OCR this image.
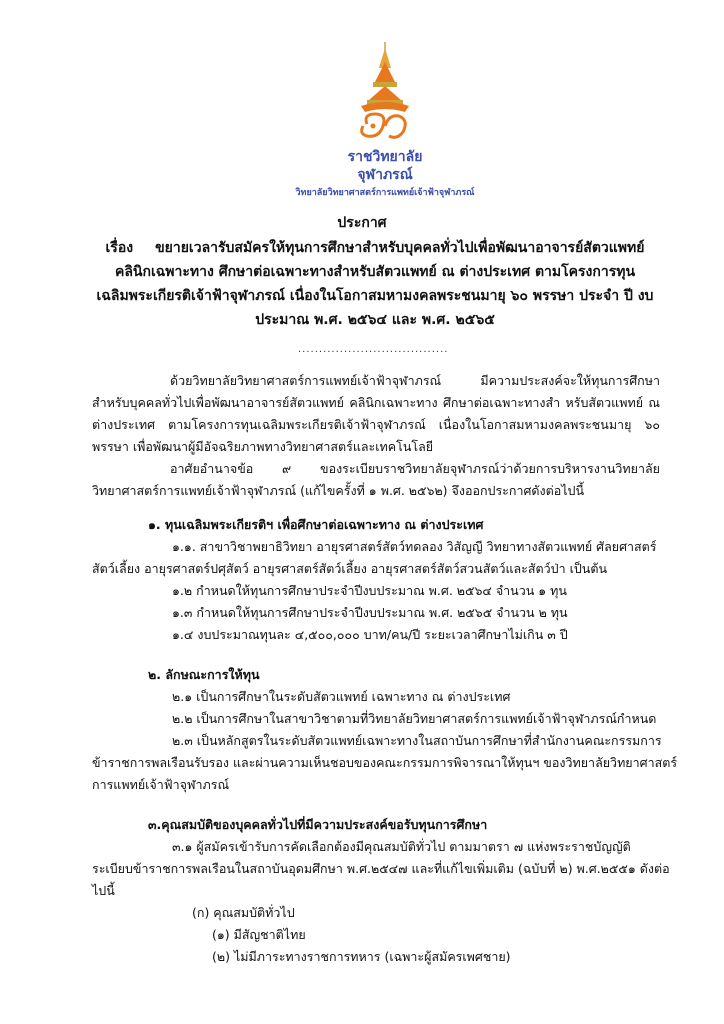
ราชวิทยาลัย
จุฬาภรณ์
วิทยาลัยวิทยาศาสตร์การแพทย์เจ้าฟ้าจุฬาภรณ์
ประกาศ
เรื่อง ขยายเวลารับสมัครให้ทุนการศึกษาสำหรับบุคคลทั่วไปเพื่อพัฒนาอาจารย์สัตวแพทย์
คลินิกเฉพาะทาง ศึกษาต่อเฉพาะทางสำหรับสัตวแพทย์ ณ ต่างประเทศ ตามโครงการทุน
เฉลิมพระเกียรติเจ้าฟ้าจุฬาภรณ์ เนื่องในโอกาสมหามงคลพระชนมายุ ๖๐ พรรษา ประจำ ปี งบ
ประมาณ พ.ศ. ๒๕๖๔ และ พ.ศ. ๒๕๖๕
....................................

ด้วยวิทยาลัยวิทยาศาสตร์การแพทย์เจ้าฟ้าจุฬาภรณ์ มีความประสงค์จะให้ทุนการศึกษาสำหรับบุคคลทั่วไปเพื่อพัฒนาอาจารย์สัตวแพทย์ คลินิกเฉพาะทาง ศึกษาต่อเฉพาะทางสำ หรับสัตวแพทย์ ณ ต่างประเทศ ตามโครงการทุนเฉลิมพระเกียรติเจ้าฟ้าจุฬาภรณ์ เนื่องในโอกาสมหามงคลพระชนมายุ ๖๐ พรรษา เพื่อพัฒนาผู้มีอัจฉริยภาพทางวิทยาศาสตร์และเทคโนโลยี

อาศัยอำนาจข้อ ๙ ของระเบียบราชวิทยาลัยจุฬาภรณ์ว่าด้วยการบริหารงานวิทยาลัยวิทยาศาสตร์การแพทย์เจ้าฟ้าจุฬาภรณ์ (แก้ไขครั้งที่ ๑ พ.ศ. ๒๕๖๒) จึงออกประกาศดังต่อไปนี้

๑. ทุนเฉลิมพระเกียรติฯ เพื่อศึกษาต่อเฉพาะทาง ณ ต่างประเทศ
๑.๑. สาขาวิชาพยาธิวิทยา อายุรศาสตร์สัตว์ทดลอง วิสัญญี วิทยาทางสัตวแพทย์ ศัลยศาสตร์
สัตว์เลี้ยง อายุรศาสตร์ปศุสัตว์ อายุรศาสตร์สัตว์เลี้ยง อายุรศาสตร์สัตว์สวนสัตว์และสัตว์ป่า เป็นต้น
๑.๒ กำหนดให้ทุนการศึกษาประจำปีงบประมาณ พ.ศ. ๒๕๖๔ จำนวน ๑ ทุน
๑.๓ กำหนดให้ทุนการศึกษาประจำปีงบประมาณ พ.ศ. ๒๕๖๕ จำนวน ๒ ทุน
๑.๔ งบประมาณทุนละ ๔,๕๐๐,๐๐๐ บาท/คน/ปี ระยะเวลาศึกษาไม่เกิน ๓ ปี
๒. ลักษณะการให้ทุน
๒.๑ เป็นการศึกษาในระดับสัตวแพทย์ เฉพาะทาง ณ ต่างประเทศ
๒.๒ เป็นการศึกษาในสาขาวิชาตามที่วิทยาลัยวิทยาศาสตร์การแพทย์เจ้าฟ้าจุฬาภรณ์กำหนด
๒.๓ เป็นหลักสูตรในระดับสัตวแพทย์เฉพาะทางในสถาบันการศึกษาที่สำนักงานคณะกรรมการ
ข้าราชการพลเรือนรับรอง และผ่านความเห็นชอบของคณะกรรมการพิจารณาให้ทุนฯ ของวิทยาลัยวิทยาศาสตร์
การแพทย์เจ้าฟ้าจุฬาภรณ์
๓.คุณสมบัติของบุคคลทั่วไปที่มีความประสงค์ขอรับทุนการศึกษา
๓.๑ ผู้สมัครเข้ารับการคัดเลือกต้องมีคุณสมบัติทั่วไป ตามมาตรา ๗ แห่งพระราชบัญญัติ
ระเบียบข้าราชการพลเรือนในสถาบันอุดมศึกษา พ.ศ.๒๕๔๗ และที่แก้ไขเพิ่มเติม (ฉบับที่ ๒) พ.ศ.๒๕๕๑ ดังต่อ
ไปนี้
(ก) คุณสมบัติทั่วไป
(๑) มีสัญชาติไทย
(๒) ไม่มีภาระทางราชการทหาร (เฉพาะผู้สมัครเพศชาย)
